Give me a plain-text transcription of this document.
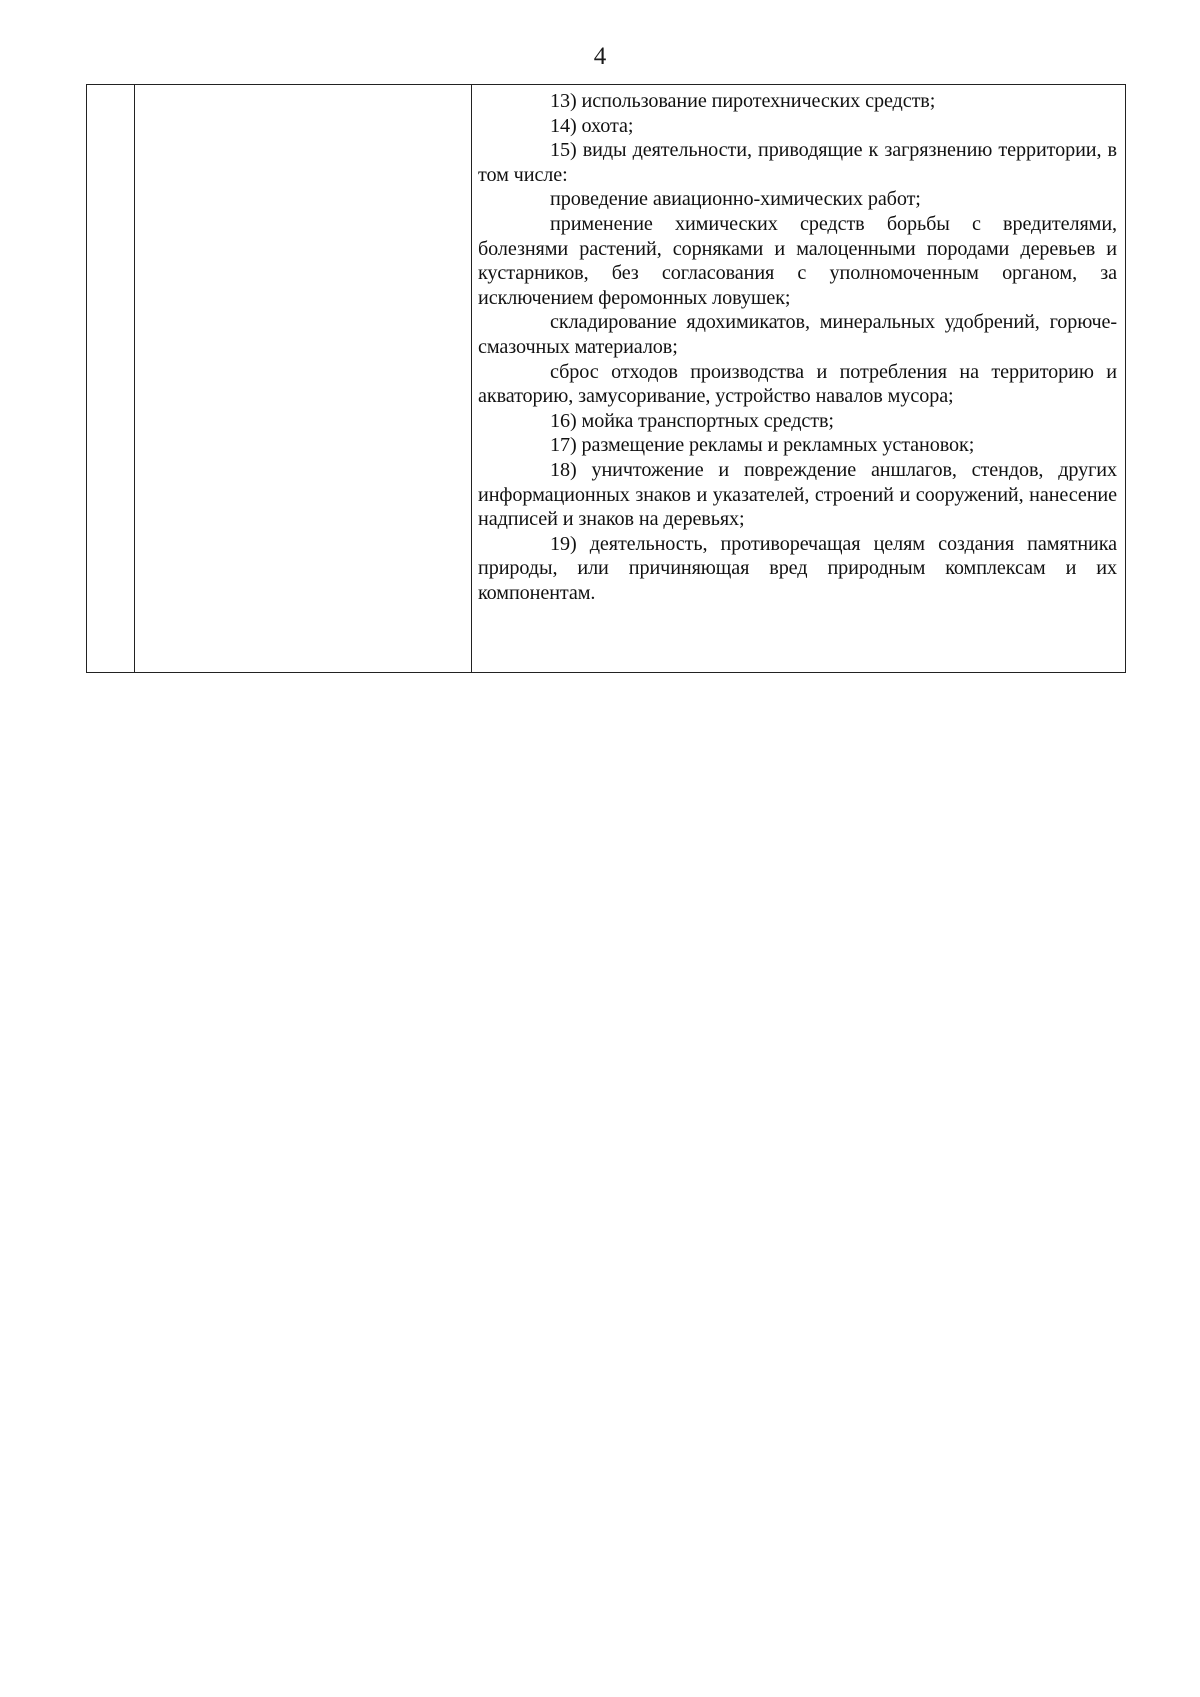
4

13) использование пиротехнических средств;

14) охота;

15) виды деятельности, приводящие к загрязнению территории, в том числе:

проведение авиационно-химических работ;

применение химических средств борьбы с вредителями, болезнями растений, сорняками и малоценными породами деревьев и кустарников, без согласования с уполномоченным органом, за исключением феромонных ловушек;

складирование ядохимикатов, минеральных удобрений, горюче-смазочных материалов;

сброс отходов производства и потребления на территорию и акваторию, замусоривание, устройство навалов мусора;

16) мойка транспортных средств;

17) размещение рекламы и рекламных установок;

18) уничтожение и повреждение аншлагов, стендов, других информационных знаков и указателей, строений и сооружений, нанесение надписей и знаков на деревьях;

19) деятельность, противоречащая целям создания памятника природы, или причиняющая вред природным комплексам и их компонентам.
